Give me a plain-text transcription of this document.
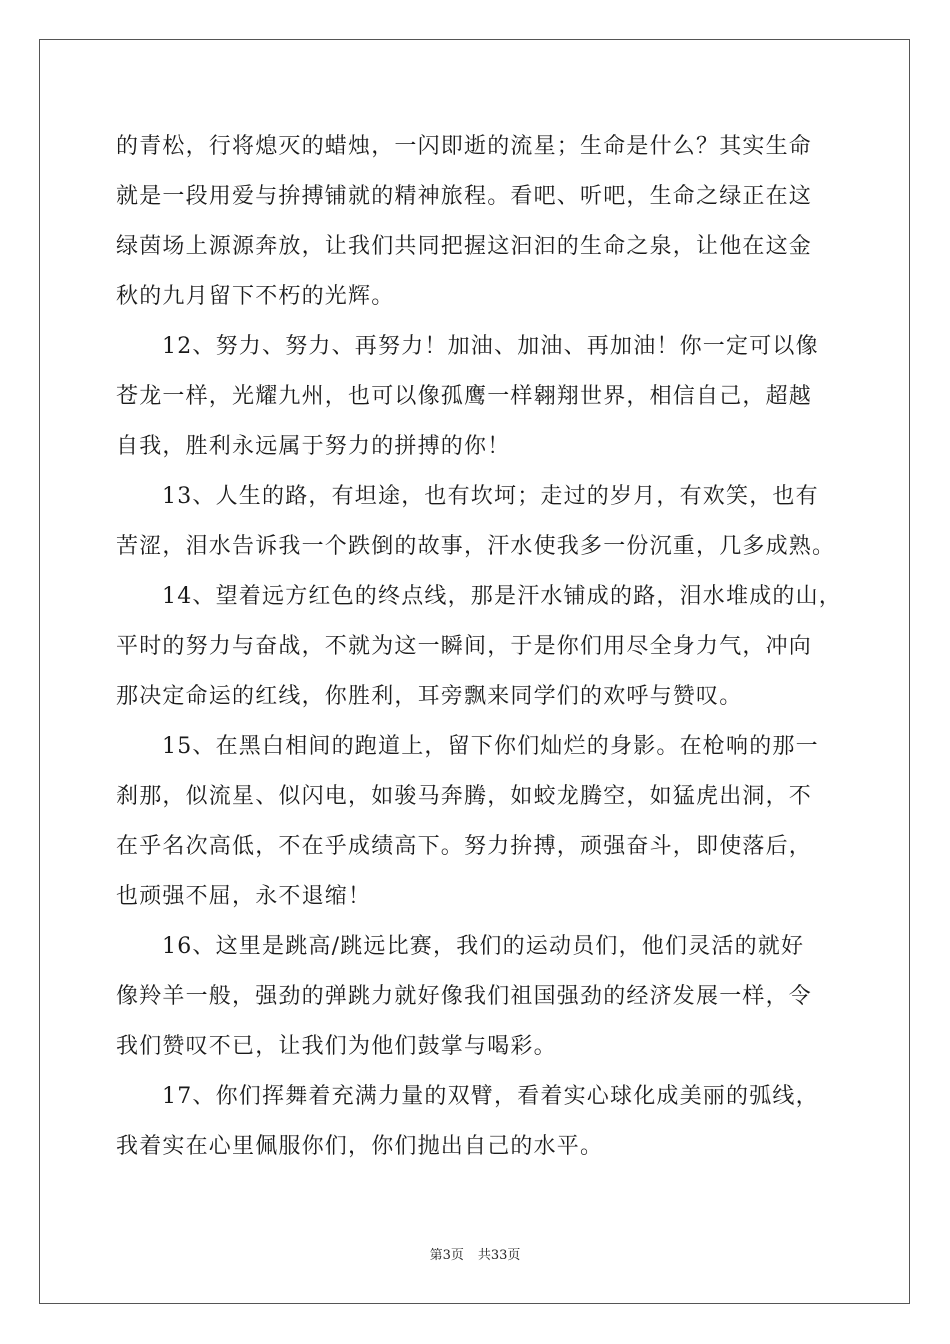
的青松，行将熄灭的蜡烛，一闪即逝的流星；生命是什么？其实生命
就是一段用爱与拚搏铺就的精神旅程。看吧、听吧，生命之绿正在这
绿茵场上源源奔放，让我们共同把握这汩汩的生命之泉，让他在这金
秋的九月留下不朽的光辉。
12、努力、努力、再努力！加油、加油、再加油！你一定可以像
苍龙一样，光耀九州，也可以像孤鹰一样翱翔世界，相信自己，超越
自我，胜利永远属于努力的拼搏的你！
13、人生的路，有坦途，也有坎坷；走过的岁月，有欢笑，也有
苦涩，泪水告诉我一个跌倒的故事，汗水使我多一份沉重，几多成熟。
14、望着远方红色的终点线，那是汗水铺成的路，泪水堆成的山，
平时的努力与奋战，不就为这一瞬间，于是你们用尽全身力气，冲向
那决定命运的红线，你胜利，耳旁飘来同学们的欢呼与赞叹。
15、在黑白相间的跑道上，留下你们灿烂的身影。在枪响的那一
刹那，似流星、似闪电，如骏马奔腾，如蛟龙腾空，如猛虎出洞，不
在乎名次高低，不在乎成绩高下。努力拚搏，顽强奋斗，即使落后，
也顽强不屈，永不退缩！
16、这里是跳高/跳远比赛，我们的运动员们，他们灵活的就好
像羚羊一般，强劲的弹跳力就好像我们祖国强劲的经济发展一样，令
我们赞叹不已，让我们为他们鼓掌与喝彩。
17、你们挥舞着充满力量的双臂，看着实心球化成美丽的弧线，
我着实在心里佩服你们，你们抛出自己的水平。
第3页 共33页
